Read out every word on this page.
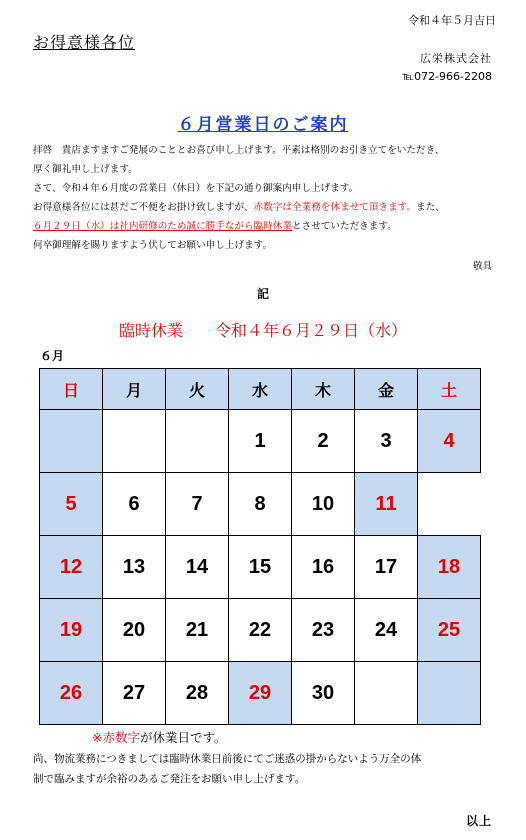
令和４年５月吉日
お得意様各位
広栄株式会社
℡072-966-2208
６月営業日のご案内

拝啓　貴店ますますご発展のこととお喜び申し上げます。平素は格別のお引き立てをいただき、

厚く御礼申し上げます。

さて、令和４年６月度の営業日（休日）を下記の通り御案内申し上げます。

お得意様各位には甚だご不便をお掛け致しますが、赤数字は全業務を休ませて頂きます。また、

６月２９日（水）は社内研修のため誠に勝手ながら臨時休業とさせていただきます。

何卒御理解を賜りますよう伏してお願い申し上げます。

敬具
記
臨時休業 令和４年６月２９日（水）
６月
日	月	火	水	木	金	土
			1	2	3	4
5	6	7	8	10	11	
12	13	14	15	16	17	18
19	20	21	22	23	24	25
26	27	28	29	30		
※赤数字が休業日です。
尚、物流業務につきましては臨時休業日前後にてご迷惑の掛からないよう万全の体
制で臨みますが余裕のあるご発注をお願い申し上げます。
以上
